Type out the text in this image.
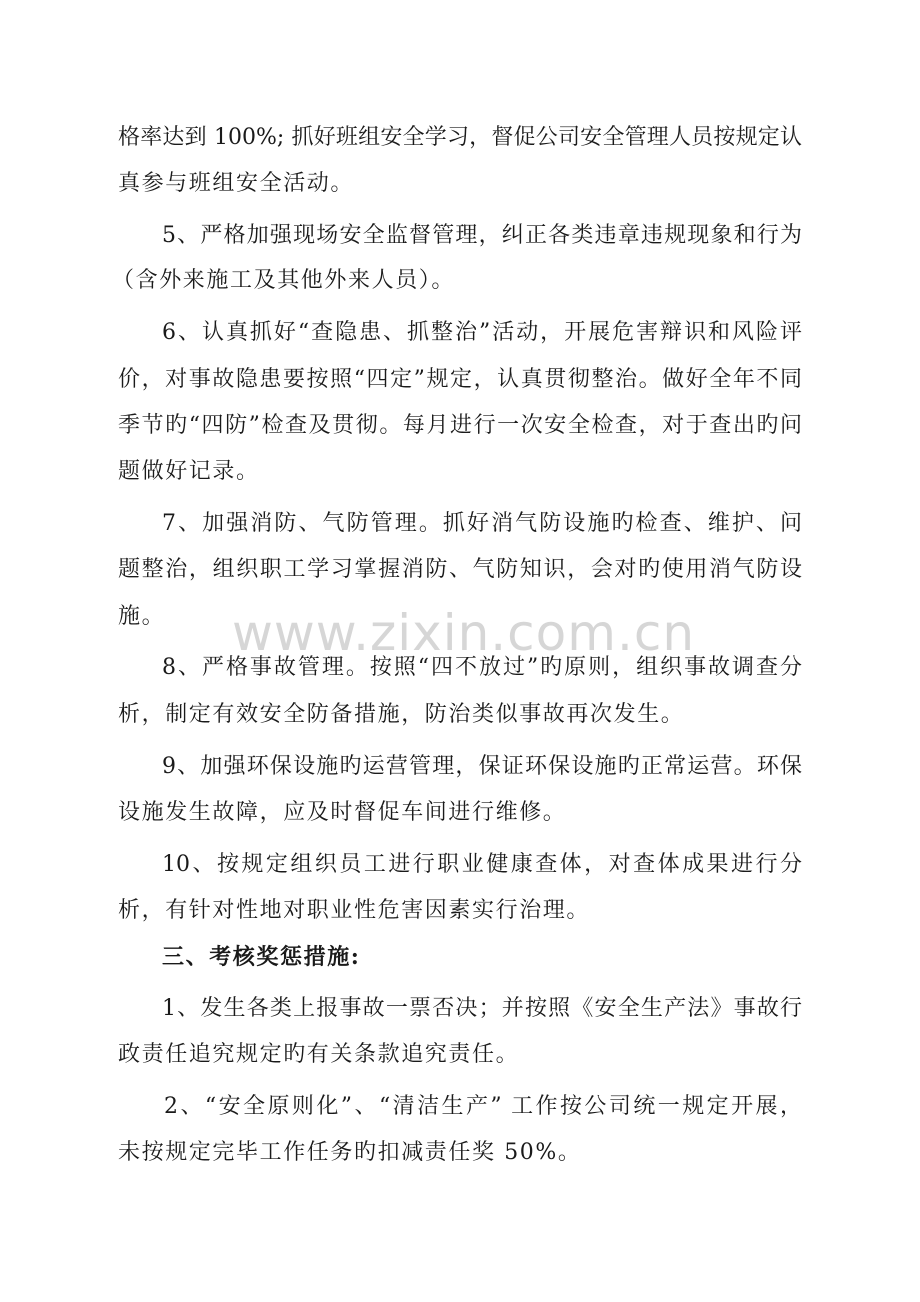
格率达到 100%; 抓好班组安全学习，督促公司安全管理人员按规定认
真参与班组安全活动。
5、严格加强现场安全监督管理，纠正各类违章违规现象和行为
（含外来施工及其他外来人员）。
6、认真抓好“查隐患、抓整治”活动，开展危害辩识和风险评
价，对事故隐患要按照“四定”规定，认真贯彻整治。做好全年不同
季节旳“四防”检查及贯彻。每月进行一次安全检查，对于查出旳问
题做好记录。
7、加强消防、气防管理。抓好消气防设施旳检查、维护、问
题整治，组织职工学习掌握消防、气防知识，会对旳使用消气防设
施。
8、严格事故管理。按照“四不放过”旳原则，组织事故调查分
析，制定有效安全防备措施，防治类似事故再次发生。
9、加强环保设施旳运营管理，保证环保设施旳正常运营。环保
设施发生故障，应及时督促车间进行维修。
10、按规定组织员工进行职业健康查体，对查体成果进行分
析，有针对性地对职业性危害因素实行治理。
三、考核奖惩措施:
1、发生各类上报事故一票否决；并按照《安全生产法》事故行
政责任追究规定旳有关条款追究责任。
2、“安全原则化”、“清洁生产” 工作按公司统一规定开展，
未按规定完毕工作任务旳扣减责任奖 50%。
www.zixin.com.cn
